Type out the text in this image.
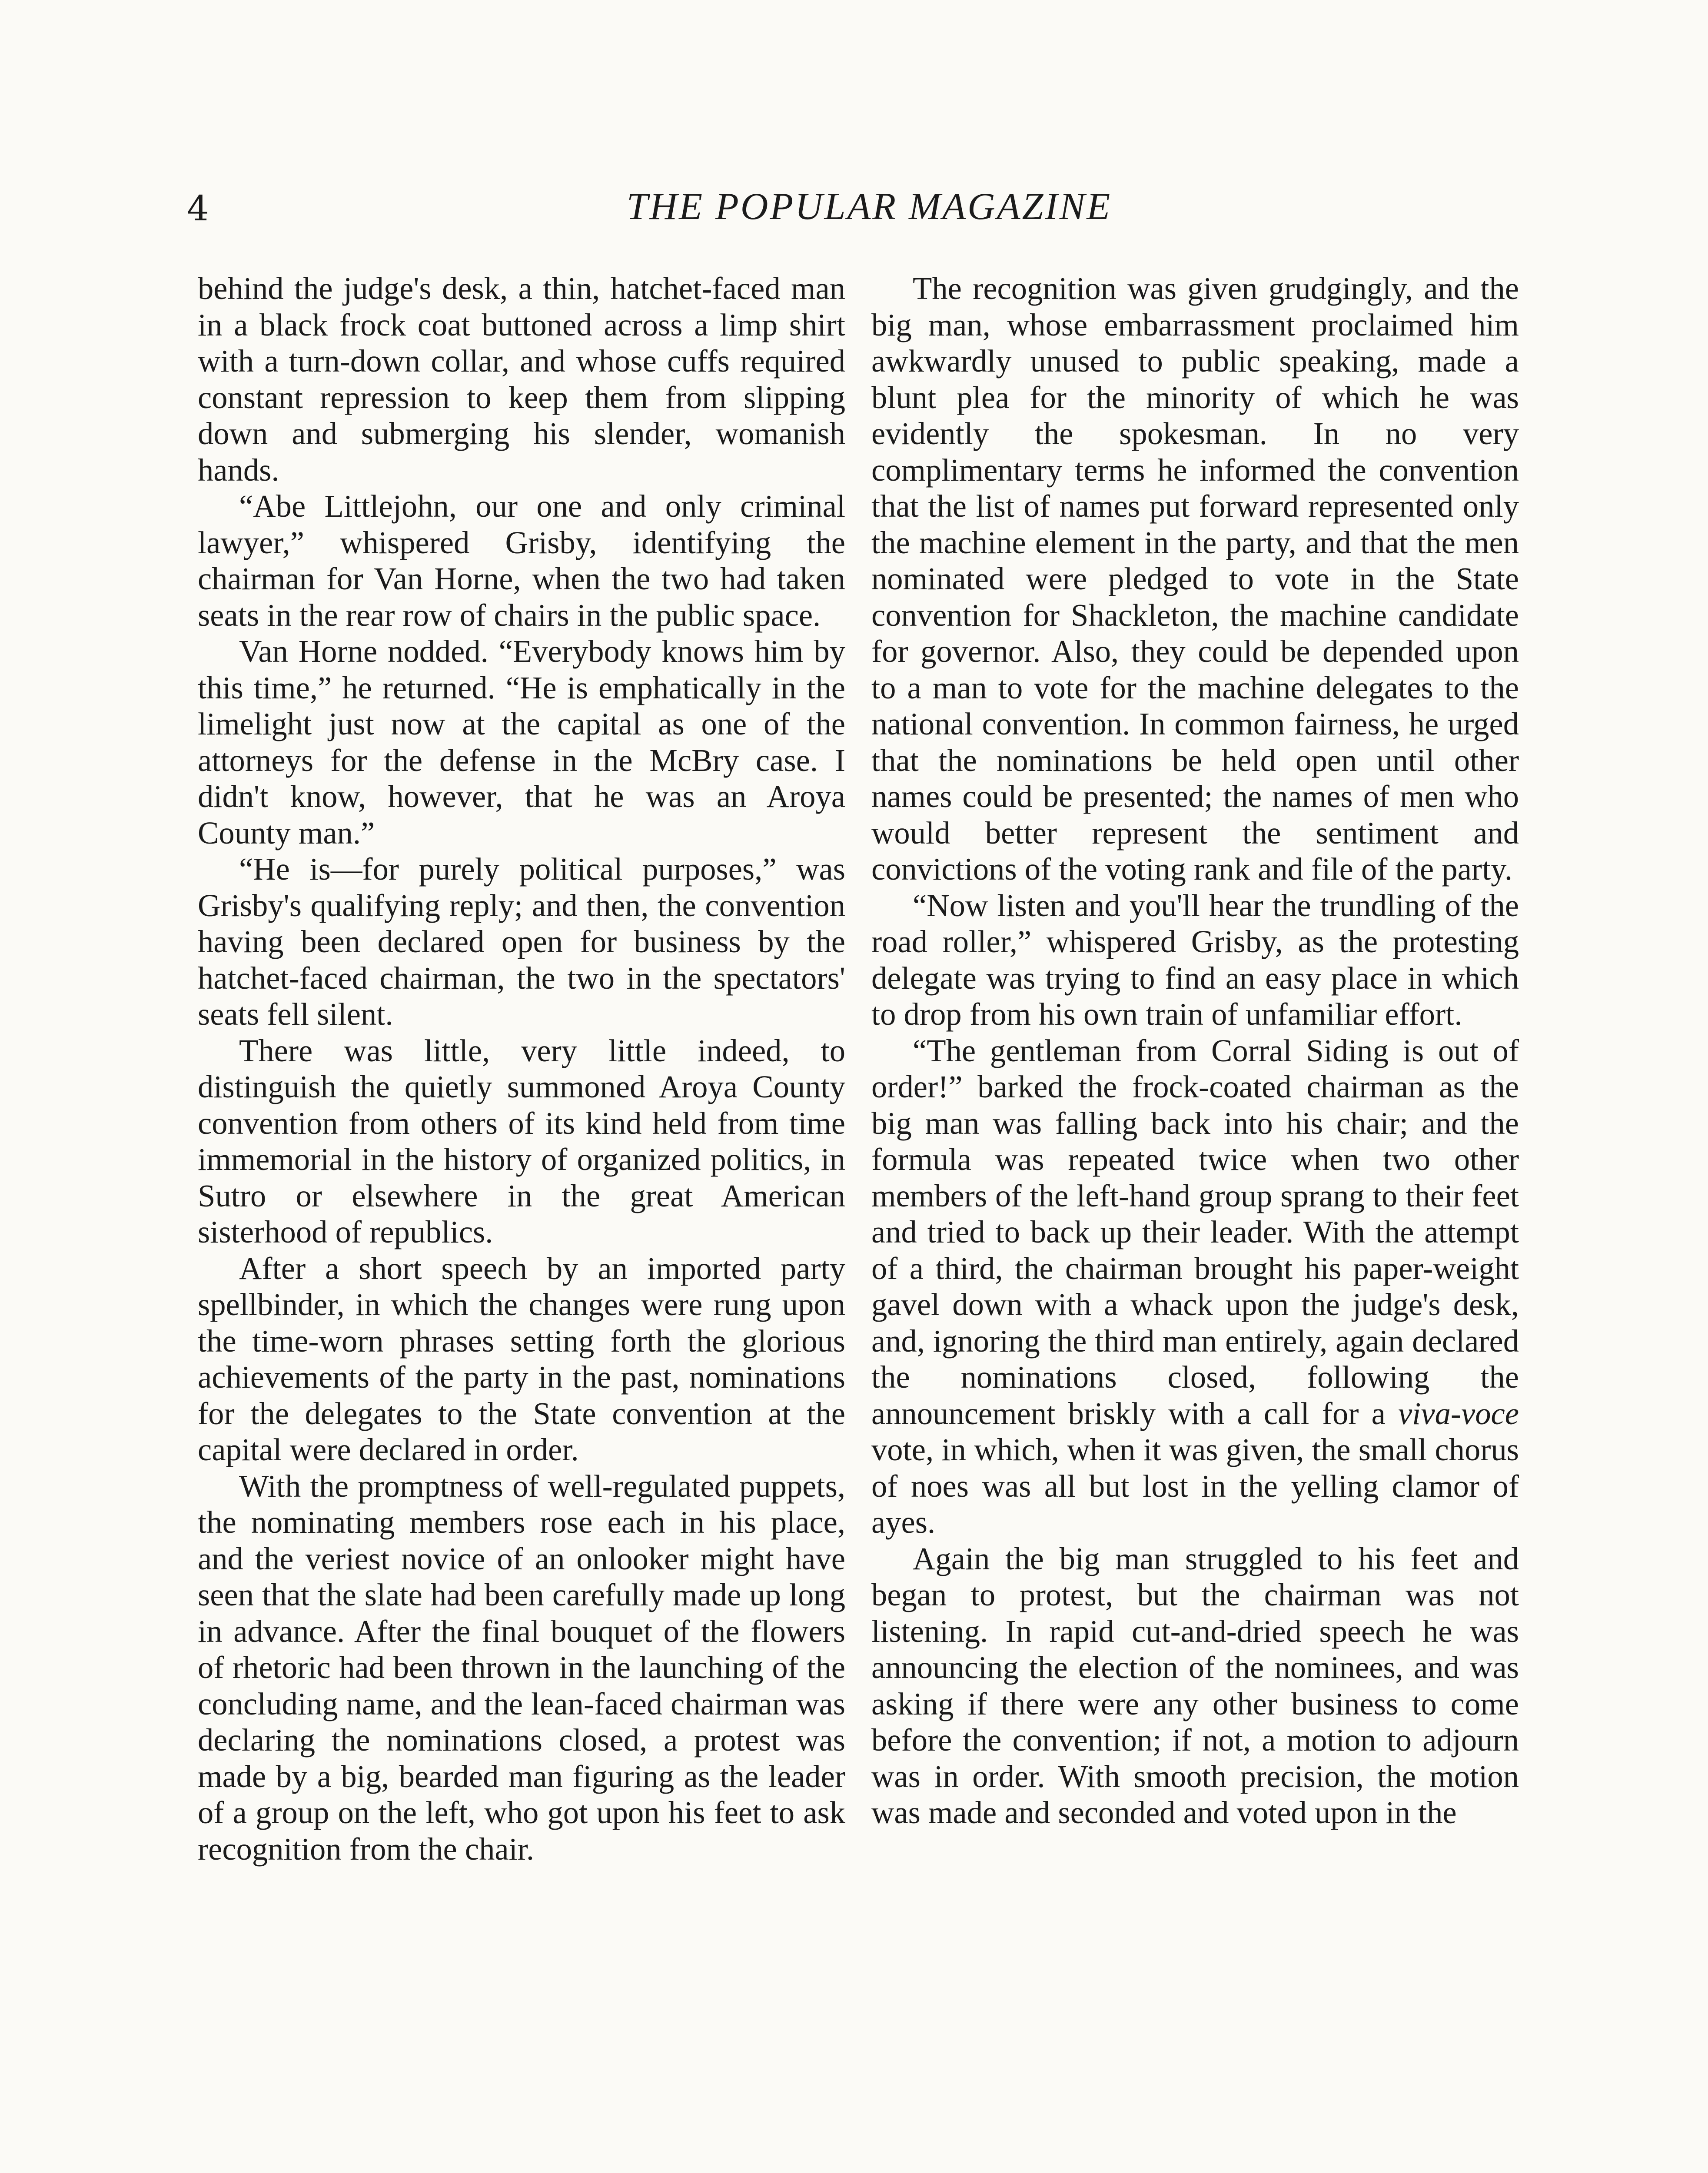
4	THE POPULAR MAGAZINE

behind the judge's desk, a thin, hatchet-faced man in a black frock coat buttoned across a limp shirt with a turn-down collar, and whose cuffs required constant repression to keep them from slipping down and submerging his slender, womanish hands.

“Abe Littlejohn, our one and only criminal lawyer,” whispered Grisby, identifying the chairman for Van Horne, when the two had taken seats in the rear row of chairs in the public space.

Van Horne nodded. “Everybody knows him by this time,” he returned. “He is emphatically in the limelight just now at the capital as one of the attorneys for the defense in the McBry case. I didn't know, however, that he was an Aroya County man.”

“He is—for purely political purposes,” was Grisby's qualifying reply; and then, the convention having been declared open for business by the hatchet-faced chairman, the two in the spectators' seats fell silent.

There was little, very little indeed, to distinguish the quietly summoned Aroya County convention from others of its kind held from time immemorial in the history of organized politics, in Sutro or elsewhere in the great American sisterhood of republics.

After a short speech by an imported party spellbinder, in which the changes were rung upon the time-worn phrases setting forth the glorious achievements of the party in the past, nominations for the delegates to the State convention at the capital were declared in order.

With the promptness of well-regulated puppets, the nominating members rose each in his place, and the veriest novice of an onlooker might have seen that the slate had been carefully made up long in advance. After the final bouquet of the flowers of rhetoric had been thrown in the launching of the concluding name, and the lean-faced chairman was declaring the nominations closed, a protest was made by a big, bearded man figuring as the leader of a group on the left, who got upon his feet to ask recognition from the chair.

The recognition was given grudgingly, and the big man, whose embarrassment proclaimed him awkwardly unused to public speaking, made a blunt plea for the minority of which he was evidently the spokesman. In no very complimentary terms he informed the convention that the list of names put forward represented only the machine element in the party, and that the men nominated were pledged to vote in the State convention for Shackleton, the machine candidate for governor. Also, they could be depended upon to a man to vote for the machine delegates to the national convention. In common fairness, he urged that the nominations be held open until other names could be presented; the names of men who would better represent the sentiment and convictions of the voting rank and file of the party.

“Now listen and you'll hear the trundling of the road roller,” whispered Grisby, as the protesting delegate was trying to find an easy place in which to drop from his own train of unfamiliar effort.

“The gentleman from Corral Siding is out of order!” barked the frock-coated chairman as the big man was falling back into his chair; and the formula was repeated twice when two other members of the left-hand group sprang to their feet and tried to back up their leader. With the attempt of a third, the chairman brought his paper-weight gavel down with a whack upon the judge's desk, and, ignoring the third man entirely, again declared the nominations closed, following the announcement briskly with a call for a viva-voce vote, in which, when it was given, the small chorus of noes was all but lost in the yelling clamor of ayes.

Again the big man struggled to his feet and began to protest, but the chairman was not listening. In rapid cut-and-dried speech he was announcing the election of the nominees, and was asking if there were any other business to come before the convention; if not, a motion to adjourn was in order. With smooth precision, the motion was made and seconded and voted upon in the
